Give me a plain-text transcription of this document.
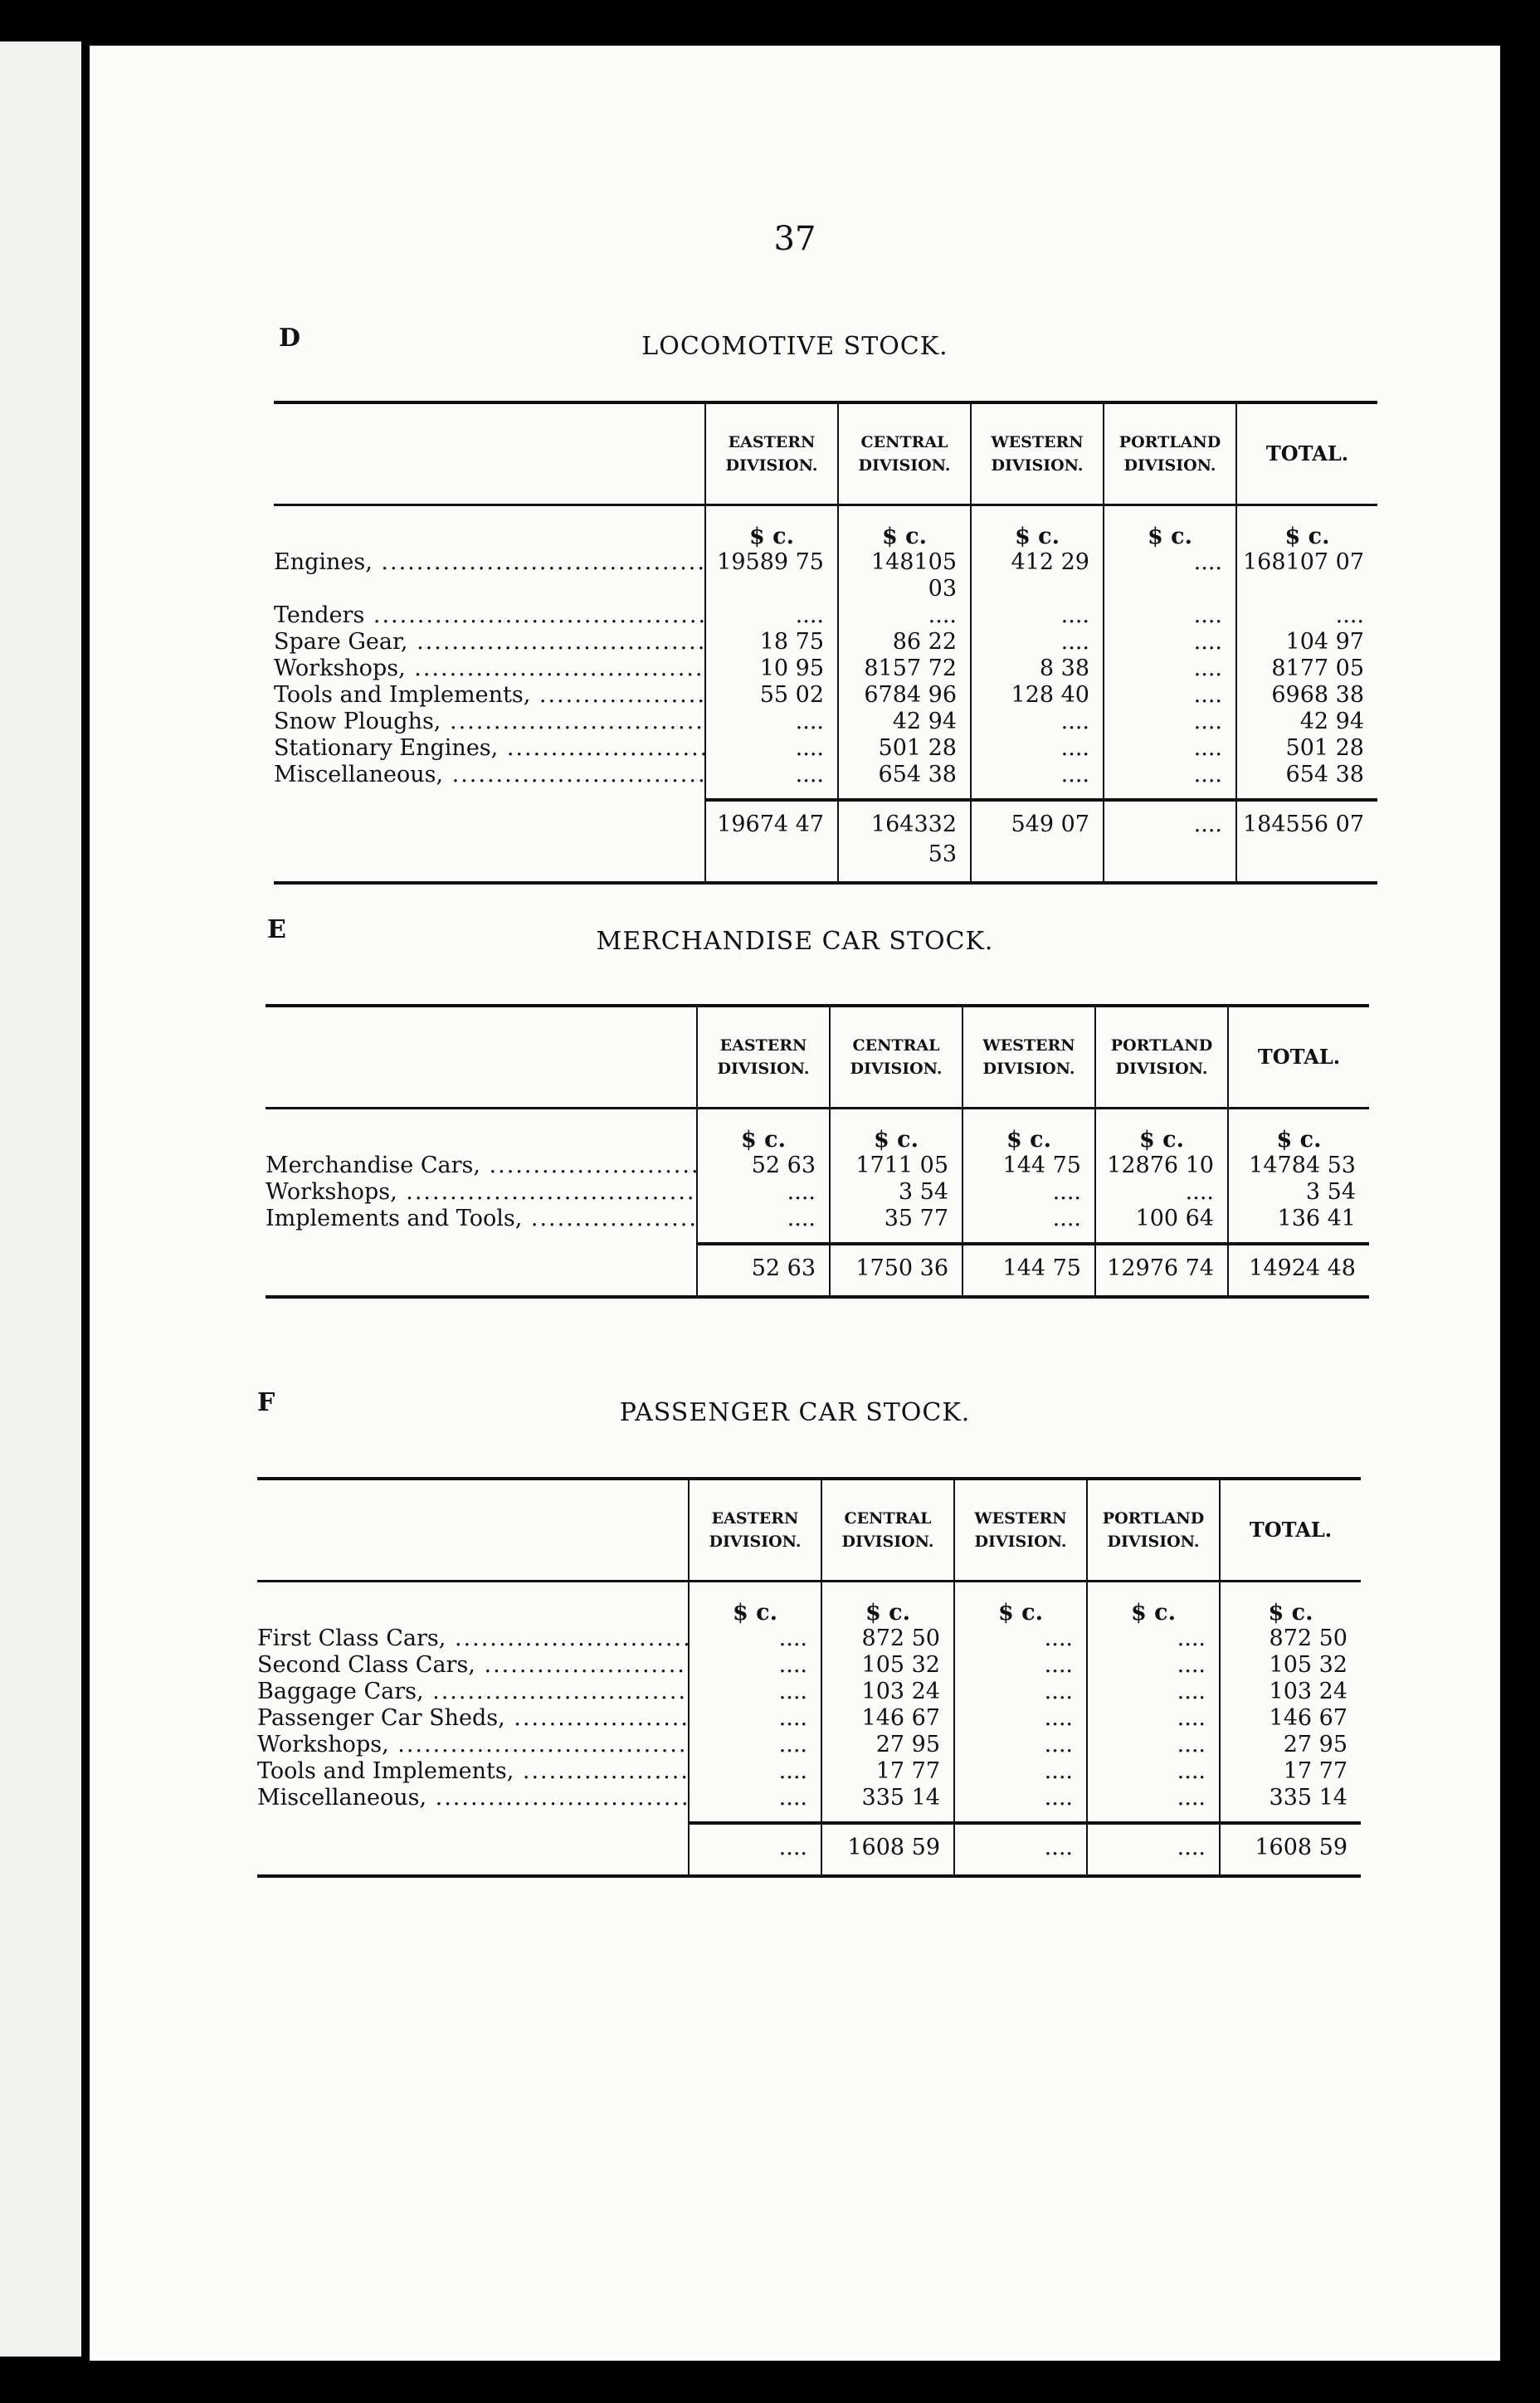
37
D	LOCOMOTIVE STOCK.
	EASTERN DIVISION.	CENTRAL DIVISION.	WESTERN DIVISION.	PORTLAND DIVISION.	TOTAL.
	$ c.	$ c.	$ c.	$ c.	$ c.

Engines, .....	19589 75	148105 03	412 29	....	168107 07

Tenders .....	....	....	....	....	....

Spare Gear, .....	18 75	86 22	....	....	104 97

Workshops, .....	10 95	8157 72	8 38	....	8177 05

Tools and Implements, .....	55 02	6784 96	128 40	....	6968 38

Snow Ploughs, .....	....	42 94	....	....	42 94

Stationary Engines, .....	....	501 28	....	....	501 28

Miscellaneous, .....	....	654 38	....	....	654 38
	19674 47	164332 53	549 07	....	184556 07
E	MERCHANDISE CAR STOCK.
	EASTERN DIVISION.	CENTRAL DIVISION.	WESTERN DIVISION.	PORTLAND DIVISION.	TOTAL.
	$ c.	$ c.	$ c.	$ c.	$ c.

Merchandise Cars, .....	52 63	1711 05	144 75	12876 10	14784 53

Workshops, .....	....	3 54	....	....	3 54

Implements and Tools, .....	....	35 77	....	100 64	136 41
	52 63	1750 36	144 75	12976 74	14924 48
F	PASSENGER CAR STOCK.
	EASTERN DIVISION.	CENTRAL DIVISION.	WESTERN DIVISION.	PORTLAND DIVISION.	TOTAL.
	$ c.	$ c.	$ c.	$ c.	$ c.

First Class Cars, .....	....	872 50	....	....	872 50

Second Class Cars, .....	....	105 32	....	....	105 32

Baggage Cars, .....	....	103 24	....	....	103 24

Passenger Car Sheds, .....	....	146 67	....	....	146 67

Workshops, .....	....	27 95	....	....	27 95

Tools and Implements, .....	....	17 77	....	....	17 77

Miscellaneous, .....	....	335 14	....	....	335 14
	....	1608 59	....	....	1608 59
